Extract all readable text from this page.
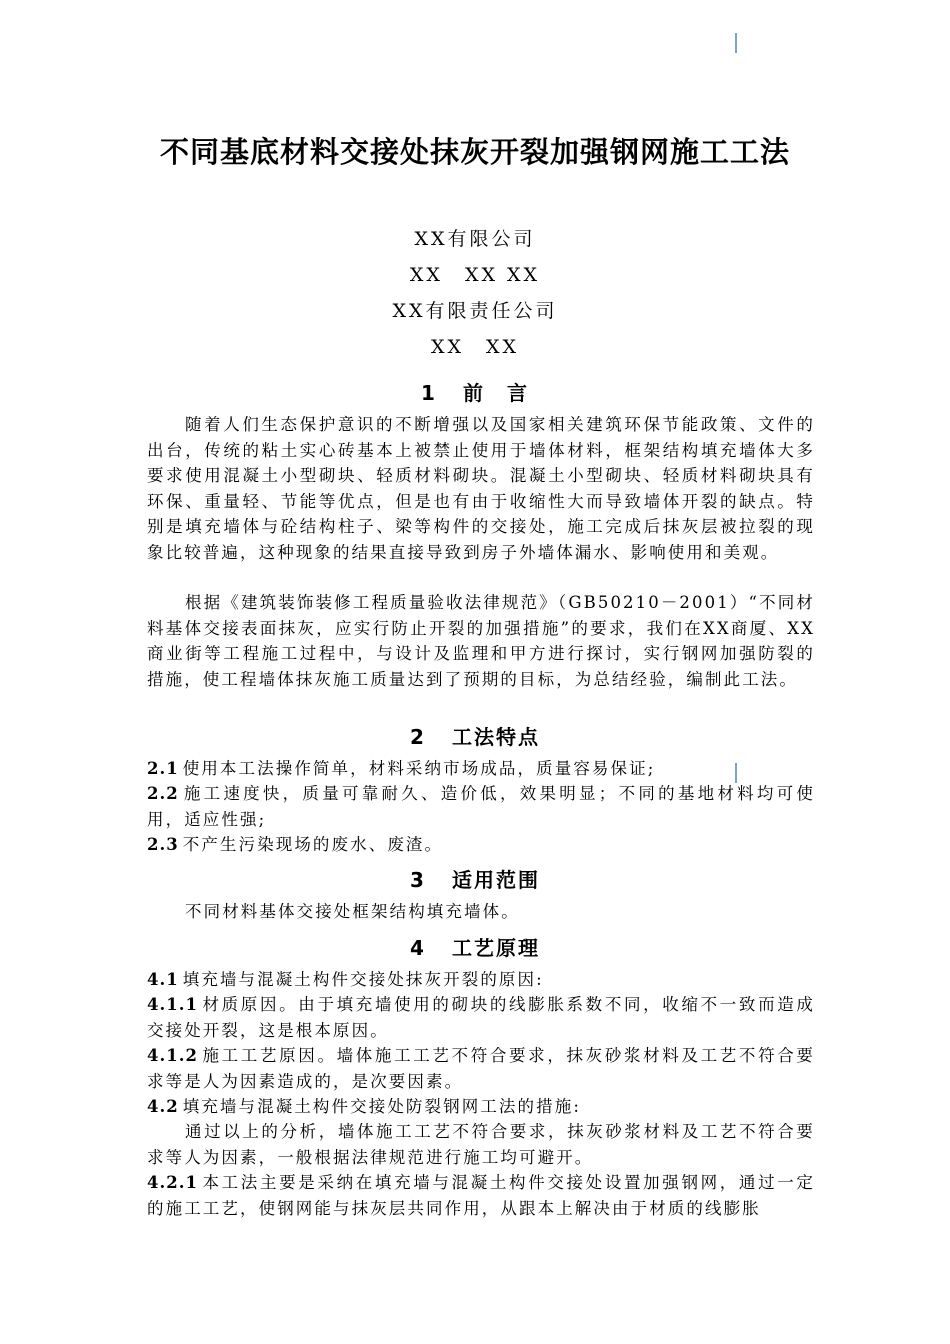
不同基底材料交接处抹灰开裂加强钢网施工工法
XX有限公司
XX　XX XX
XX有限责任公司
XX　XX
1 前　言

随着人们生态保护意识的不断增强以及国家相关建筑环保节能政策、文件的出台，传统的粘土实心砖基本上被禁止使用于墙体材料，框架结构填充墙体大多要求使用混凝土小型砌块、轻质材料砌块。混凝土小型砌块、轻质材料砌块具有环保、重量轻、节能等优点，但是也有由于收缩性大而导致墙体开裂的缺点。特别是填充墙体与砼结构柱子、梁等构件的交接处，施工完成后抹灰层被拉裂的现象比较普遍，这种现象的结果直接导致到房子外墙体漏水、影响使用和美观。

根据《建筑装饰装修工程质量验收法律规范》（GB50210－2001）“不同材料基体交接表面抹灰，应实行防止开裂的加强措施”的要求，我们在XX商厦、XX商业街等工程施工过程中，与设计及监理和甲方进行探讨，实行钢网加强防裂的措施，使工程墙体抹灰施工质量达到了预期的目标，为总结经验，编制此工法。

2 工法特点

2.1 使用本工法操作简单，材料采纳市场成品，质量容易保证;

2.2 施工速度快，质量可靠耐久、造价低，效果明显；不同的基地材料均可使用，适应性强;

2.3 不产生污染现场的废水、废渣。

3 适用范围

不同材料基体交接处框架结构填充墙体。

4 工艺原理

4.1 填充墙与混凝土构件交接处抹灰开裂的原因:

4.1.1 材质原因。由于填充墙使用的砌块的线膨胀系数不同，收缩不一致而造成交接处开裂，这是根本原因。

4.1.2 施工工艺原因。墙体施工工艺不符合要求，抹灰砂浆材料及工艺不符合要求等是人为因素造成的，是次要因素。

4.2 填充墙与混凝土构件交接处防裂钢网工法的措施:

通过以上的分析，墙体施工工艺不符合要求，抹灰砂浆材料及工艺不符合要求等人为因素，一般根据法律规范进行施工均可避开。

4.2.1 本工法主要是采纳在填充墙与混凝土构件交接处设置加强钢网，通过一定的施工工艺，使钢网能与抹灰层共同作用，从跟本上解决由于材质的线膨胀
